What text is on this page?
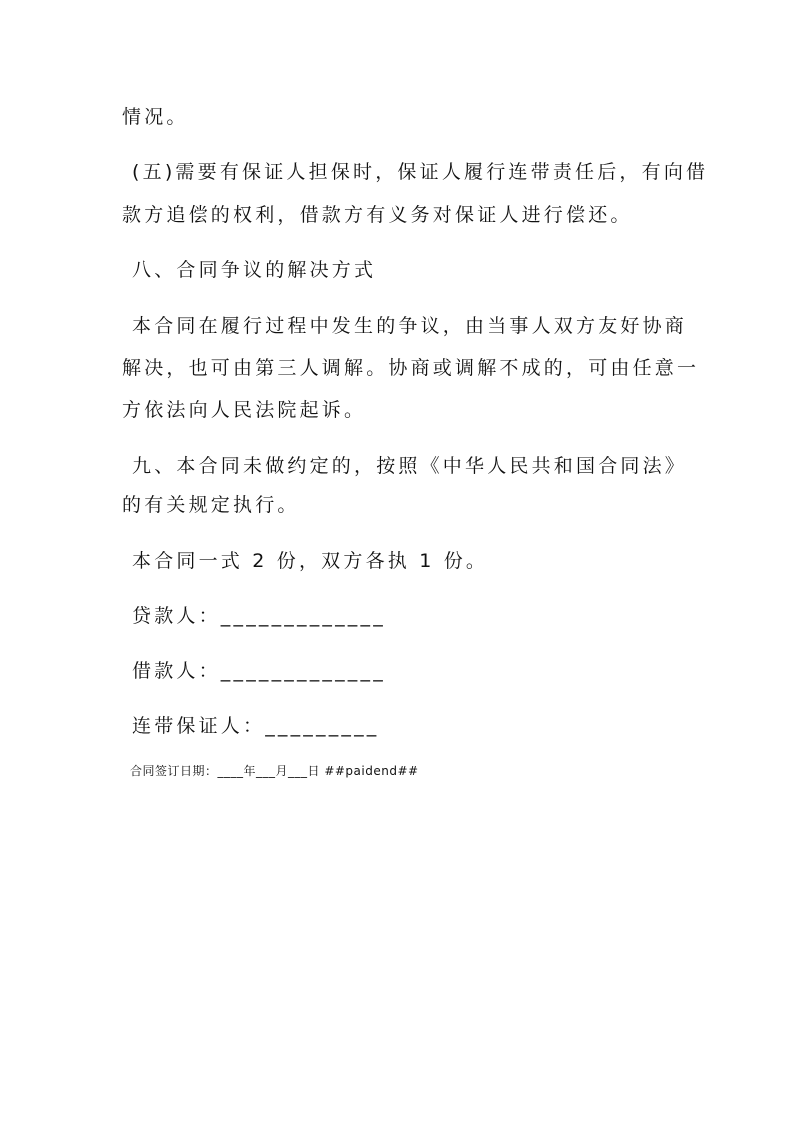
情况。
(五)需要有保证人担保时，保证人履行连带责任后，有向借
款方追偿的权利，借款方有义务对保证人进行偿还。
八、合同争议的解决方式
本合同在履行过程中发生的争议，由当事人双方友好协商
解决，也可由第三人调解。协商或调解不成的，可由任意一
方依法向人民法院起诉。
九、本合同未做约定的，按照《中华人民共和国合同法》
的有关规定执行。
本合同一式 2 份，双方各执 1 份。
贷款人：_____________
借款人：_____________
连带保证人：_________
合同签订日期：____年___月___日 ##paidend##
